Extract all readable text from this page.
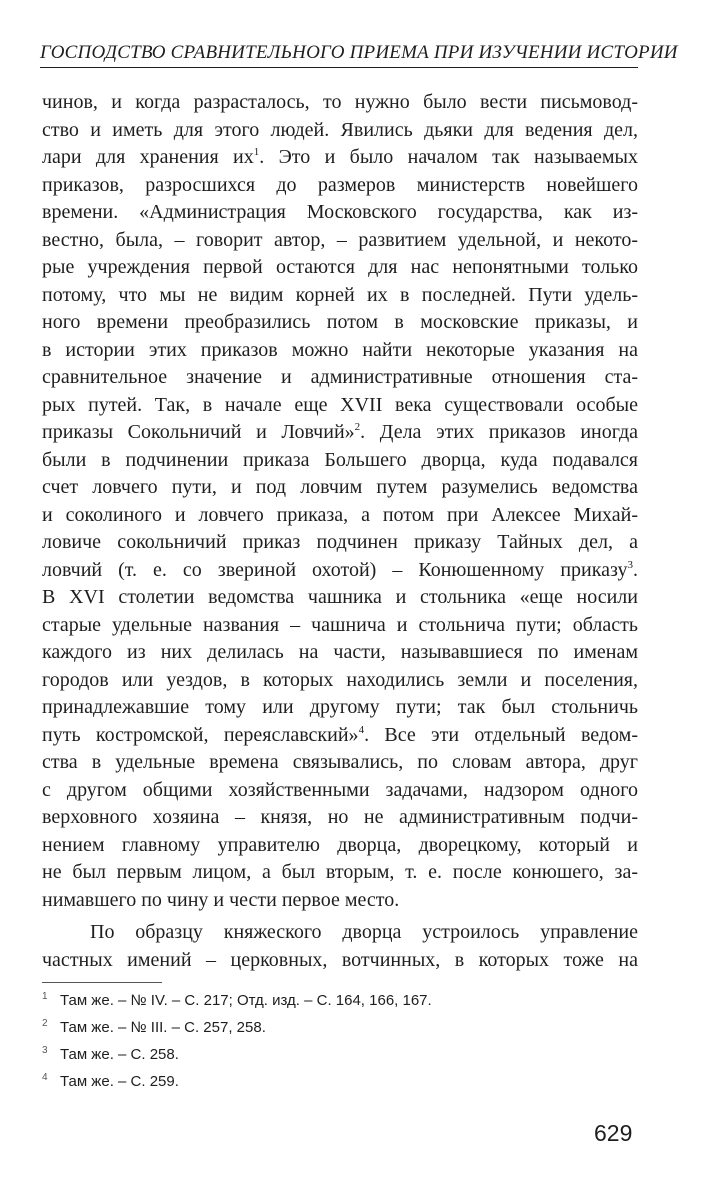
ГОСПОДСТВО СРАВНИТЕЛЬНОГО ПРИЕМА ПРИ ИЗУЧЕНИИ ИСТОРИИ
чинов, и когда разрасталось, то нужно было вести письмовод-
ство и иметь для этого людей. Явились дьяки для ведения дел,
лари для хранения $их^1$. Это и было началом так называемых
приказов, разросшихся до размеров министерств новейшего
времени. «Администрация Московского государства, как из-
вестно, была, – говорит автор, – развитием удельной, и некото-
рые учреждения первой остаются для нас непонятными только
потому, что мы не видим корней их в последней. Пути удель-
ного времени преобразились потом в московские приказы, и
в истории этих приказов можно найти некоторые указания на
сравнительное значение и административные отношения ста-
рых путей. Так, в начале еще XVII века существовали особые
приказы Сокольничий и Ловчий»$^2$. Дела этих приказов иногда
были в подчинении приказа Большего дворца, куда подавался
счет ловчего пути, и под ловчим путем разумелись ведомства
и соколиного и ловчего приказа, а потом при Алексее Михай-
ловиче сокольничий приказ подчинен приказу Тайных дел, а
ловчий (т. е. со звериной охотой) – Конюшенному приказу$^3$.
В XVI столетии ведомства чашника и стольника «еще носили
старые удельные названия – чашнича и стольнича пути; область
каждого из них делилась на части, называвшиеся по именам
городов или уездов, в которых находились земли и поселения,
принадлежавшие тому или другому пути; так был стольничь
путь костромской, переяславский»$^4$. Все эти отдельный ведом-
ства в удельные времена связывались, по словам автора, друг
с другом общими хозяйственными задачами, надзором одного
верховного хозяина – князя, но не административным подчи-
нением главному управителю дворца, дворецкому, который и
не был первым лицом, а был вторым, т. е. после конюшего, за-
нимавшего по чину и чести первое место.
По образцу княжеского дворца устроилось управление
частных имений – церковных, вотчинных, в которых тоже на
1 Там же. – № IV. – С. 217; Отд. изд. – С. 164, 166, 167.
2 Там же. – № III. – С. 257, 258.
3 Там же. – С. 258.
4 Там же. – С. 259.
629
